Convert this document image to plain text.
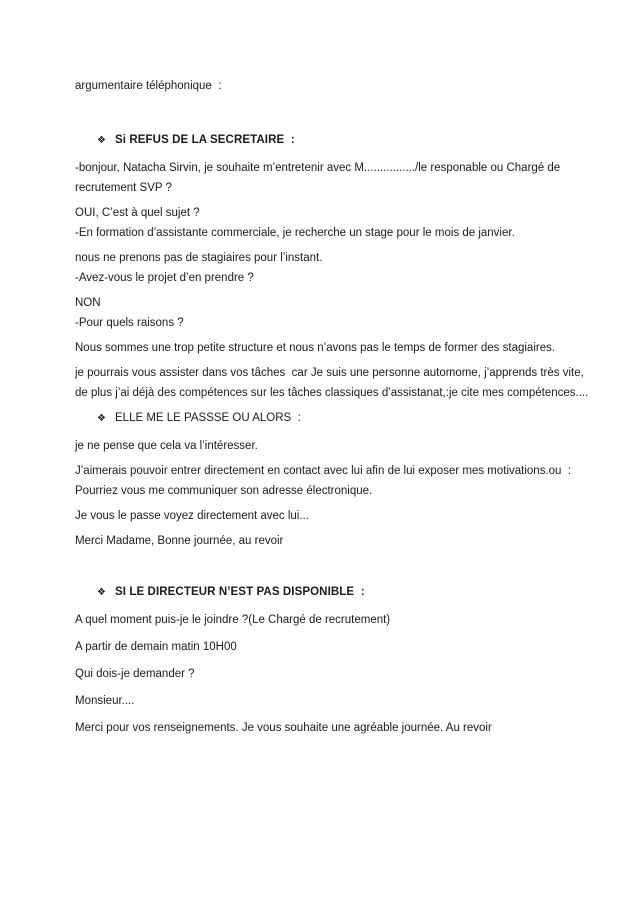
argumentaire téléphonique  :
❖ Si REFUS DE LA SECRETAIRE  :
-bonjour, Natacha Sirvin, je souhaite m’entretenir avec M................/le responable ou Chargé de
recrutement SVP ?
OUI, C’est à quel sujet ?
-En formation d’assistante commerciale, je recherche un stage pour le mois de janvier.
nous ne prenons pas de stagiaires pour l’instant.
-Avez-vous le projet d’en prendre ?
NON
-Pour quels raisons ?
Nous sommes une trop petite structure et nous n’avons pas le temps de former des stagiaires.
je pourrais vous assister dans vos tâches  car Je suis une personne automome, j’apprends très vite,
de plus j’ai déjà des compétences sur les tâches classiques d’assistanat,:je cite mes compétences....
❖ ELLE ME LE PASSSE OU ALORS  :
je ne pense que cela va l’intéresser.
J’aimerais pouvoir entrer directement en contact avec lui afin de lui exposer mes motivations.ou  :
Pourriez vous me communiquer son adresse électronique.
Je vous le passe voyez directement avec lui...
Merci Madame, Bonne journée, au revoir
❖ SI LE DIRECTEUR N’EST PAS DISPONIBLE  :
A quel moment puis-je le joindre ?(Le Chargé de recrutement)
A partir de demain matin 10H00
Qui dois-je demander ?
Monsieur....
Merci pour vos renseignements. Je vous souhaite une agréable journée. Au revoir
